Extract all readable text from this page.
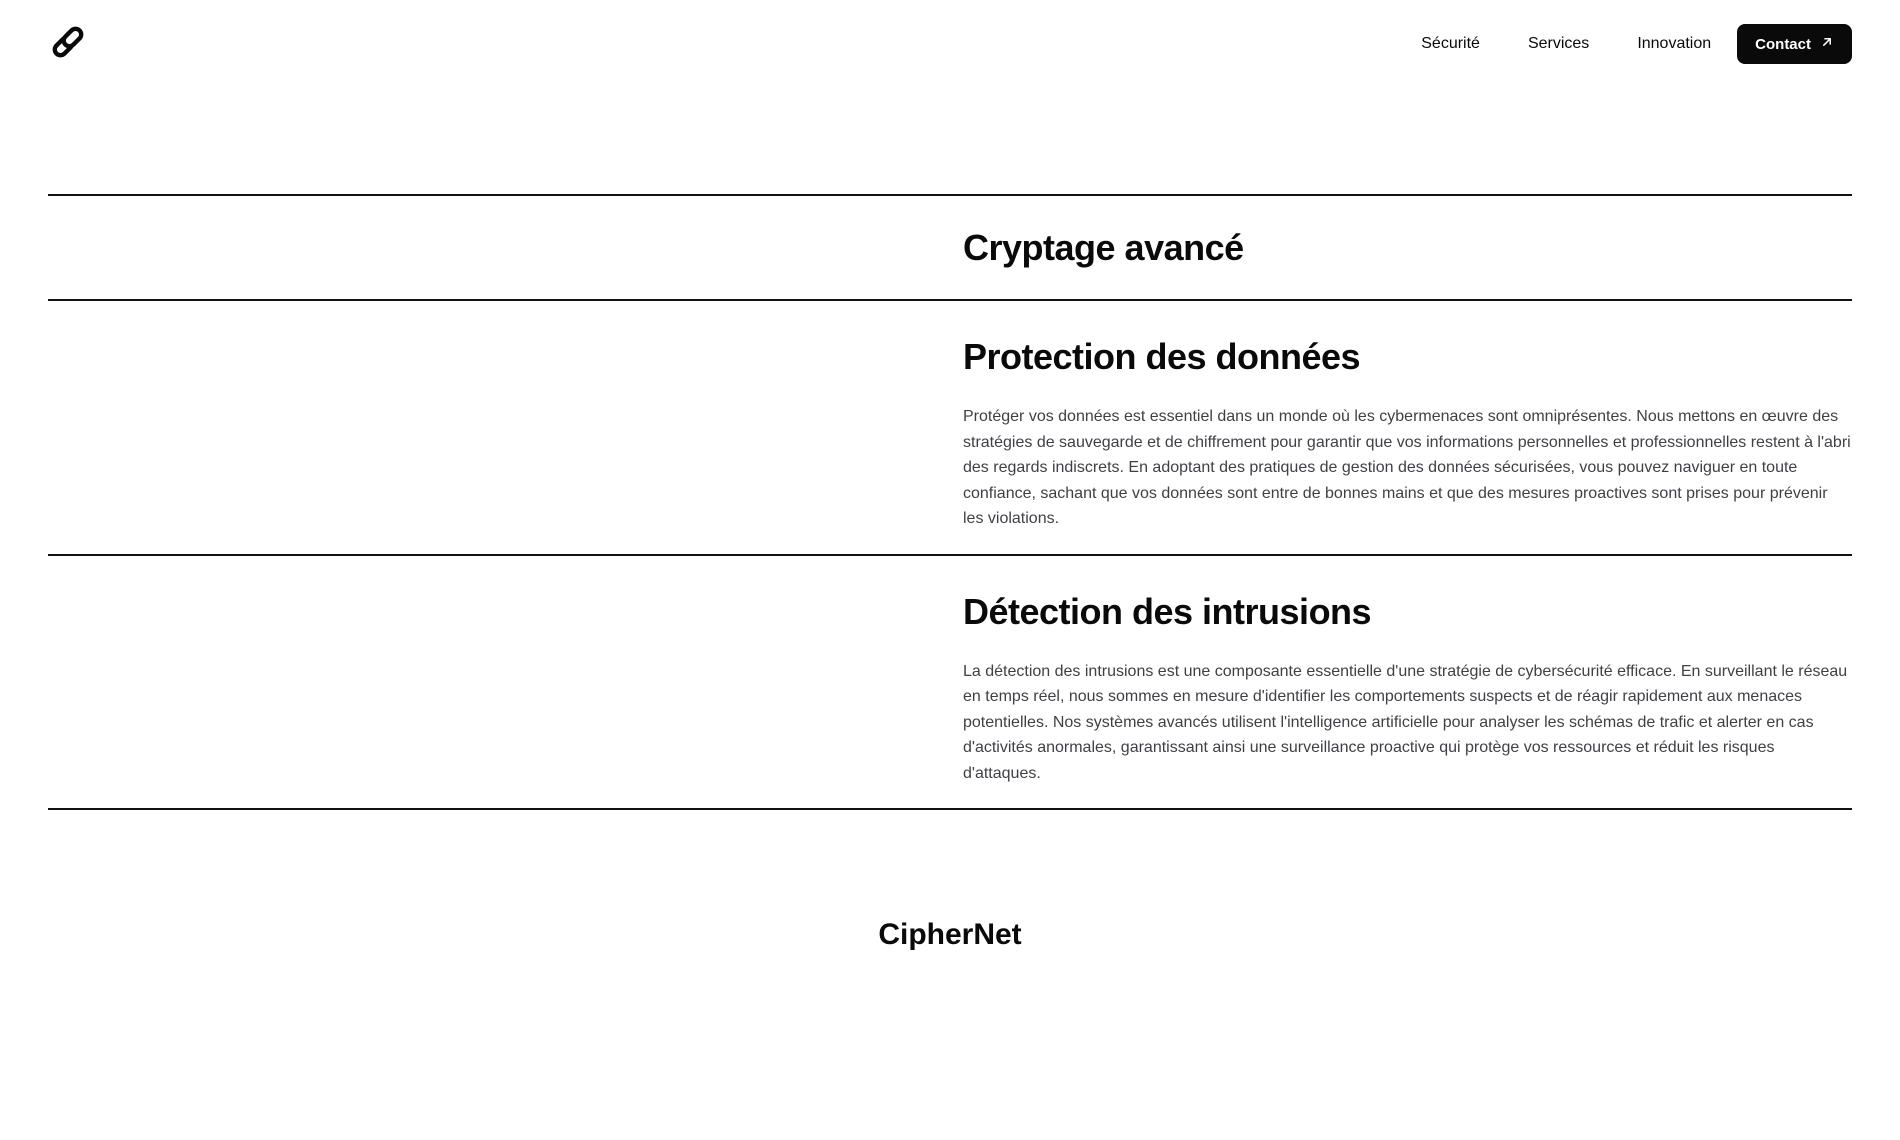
Sécurité	Services	Innovation	Contact
Cryptage avancé
Protection des données

Protéger vos données est essentiel dans un monde où les cybermenaces sont omniprésentes. Nous mettons en œuvre des stratégies de sauvegarde et de chiffrement pour garantir que vos informations personnelles et professionnelles restent à l'abri des regards indiscrets. En adoptant des pratiques de gestion des données sécurisées, vous pouvez naviguer en toute confiance, sachant que vos données sont entre de bonnes mains et que des mesures proactives sont prises pour prévenir les violations.

Détection des intrusions

La détection des intrusions est une composante essentielle d'une stratégie de cybersécurité efficace. En surveillant le réseau en temps réel, nous sommes en mesure d'identifier les comportements suspects et de réagir rapidement aux menaces potentielles. Nos systèmes avancés utilisent l'intelligence artificielle pour analyser les schémas de trafic et alerter en cas d'activités anormales, garantissant ainsi une surveillance proactive qui protège vos ressources et réduit les risques d'attaques.

CipherNet
